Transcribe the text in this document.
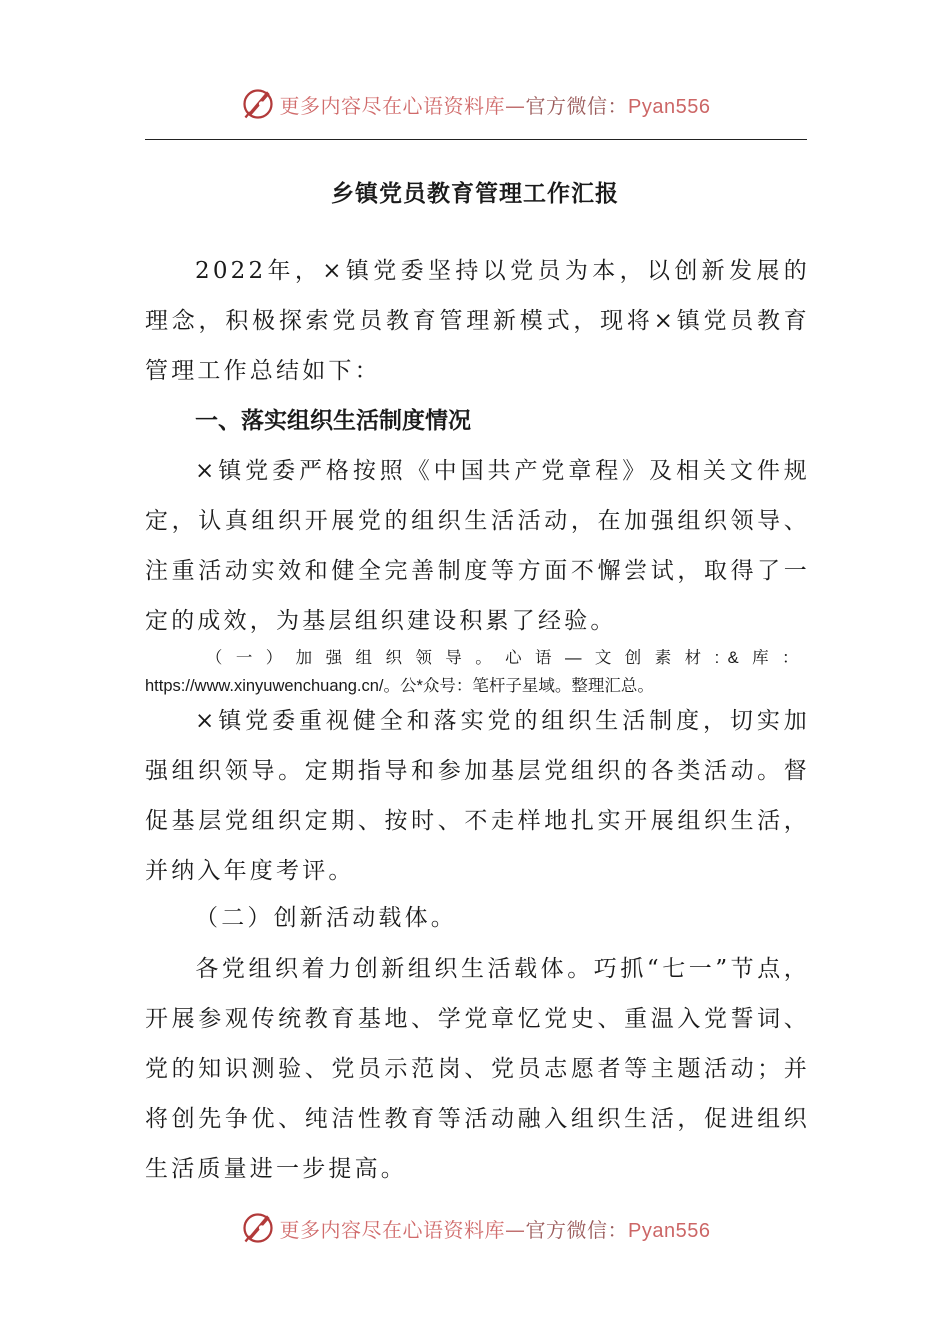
更多内容尽在心语资料库—官方微信：Pyan556
乡镇党员教育管理工作汇报

2022年，×镇党委坚持以党员为本，以创新发展的理念，积极探索党员教育管理新模式，现将×镇党员教育管理工作总结如下：

一、落实组织生活制度情况

×镇党委严格按照《中国共产党章程》及相关文件规定，认真组织开展党的组织生活活动，在加强组织领导、注重活动实效和健全完善制度等方面不懈尝试，取得了一定的成效，为基层组织建设积累了经验。

（一）加强组织领导。心语—文创素材:&库： https://www.xinyuwenchuang.cn/。公*众号：笔杆子星域。整理汇总。

×镇党委重视健全和落实党的组织生活制度，切实加强组织领导。定期指导和参加基层党组织的各类活动。督促基层党组织定期、按时、不走样地扎实开展组织生活，并纳入年度考评。

（二）创新活动载体。

各党组织着力创新组织生活载体。巧抓“七一”节点，开展参观传统教育基地、学党章忆党史、重温入党誓词、党的知识测验、党员示范岗、党员志愿者等主题活动；并将创先争优、纯洁性教育等活动融入组织生活，促进组织生活质量进一步提高。

更多内容尽在心语资料库—官方微信：Pyan556
